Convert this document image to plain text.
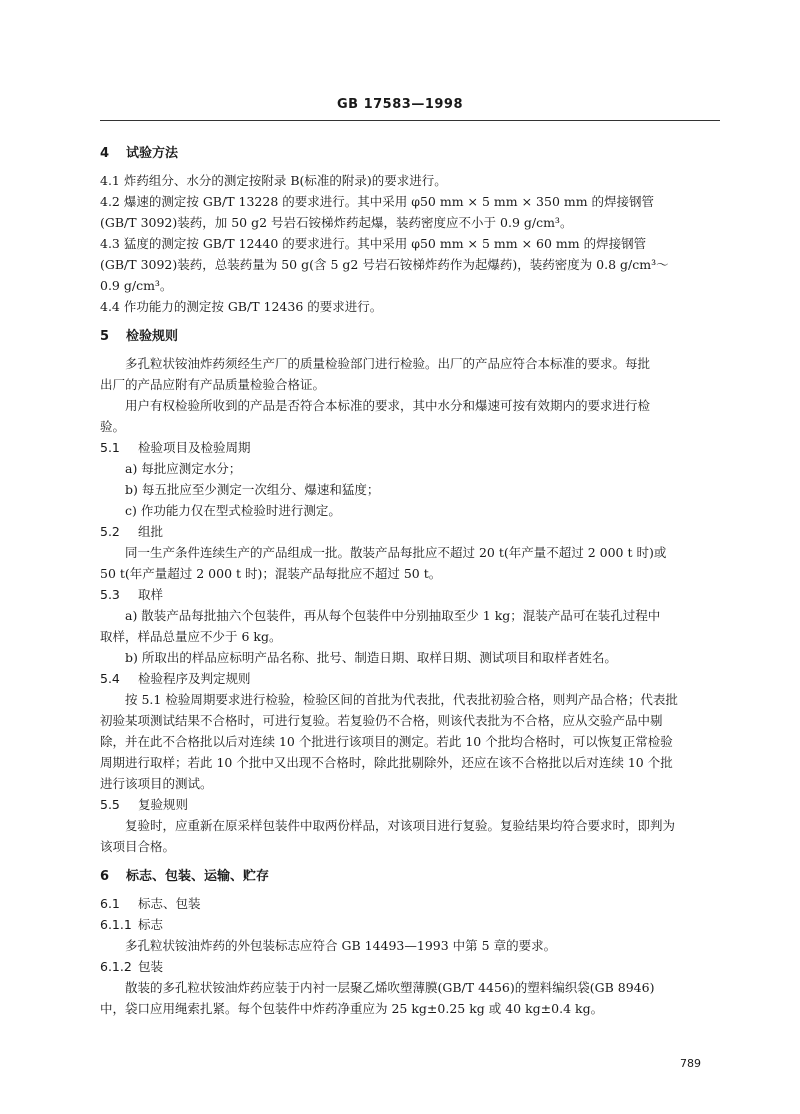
GB 17583—1998

4 试验方法

4.1 炸药组分、水分的测定按附录 B(标准的附录)的要求进行。

4.2 爆速的测定按 GB/T 13228 的要求进行。其中采用 φ50 mm × 5 mm × 350 mm 的焊接钢管

(GB/T 3092)装药，加 50 g2 号岩石铵梯炸药起爆，装药密度应不小于 0.9 g/cm³。

4.3 猛度的测定按 GB/T 12440 的要求进行。其中采用 φ50 mm × 5 mm × 60 mm 的焊接钢管

(GB/T 3092)装药，总装药量为 50 g(含 5 g2 号岩石铵梯炸药作为起爆药)，装药密度为 0.8 g/cm³～

0.9 g/cm³。

4.4 作功能力的测定按 GB/T 12436 的要求进行。

5 检验规则

多孔粒状铵油炸药须经生产厂的质量检验部门进行检验。出厂的产品应符合本标准的要求。每批

出厂的产品应附有产品质量检验合格证。

用户有权检验所收到的产品是否符合本标准的要求，其中水分和爆速可按有效期内的要求进行检

验。

5.1 检验项目及检验周期

a) 每批应测定水分；

b) 每五批应至少测定一次组分、爆速和猛度；

c) 作功能力仅在型式检验时进行测定。

5.2 组批

同一生产条件连续生产的产品组成一批。散装产品每批应不超过 20 t(年产量不超过 2 000 t 时)或

50 t(年产量超过 2 000 t 时)；混装产品每批应不超过 50 t。

5.3 取样

a) 散装产品每批抽六个包装件，再从每个包装件中分别抽取至少 1 kg；混装产品可在装孔过程中

取样，样品总量应不少于 6 kg。

b) 所取出的样品应标明产品名称、批号、制造日期、取样日期、测试项目和取样者姓名。

5.4 检验程序及判定规则

按 5.1 检验周期要求进行检验，检验区间的首批为代表批，代表批初验合格，则判产品合格；代表批

初验某项测试结果不合格时，可进行复验。若复验仍不合格，则该代表批为不合格，应从交验产品中剔

除，并在此不合格批以后对连续 10 个批进行该项目的测定。若此 10 个批均合格时，可以恢复正常检验

周期进行取样；若此 10 个批中又出现不合格时，除此批剔除外，还应在该不合格批以后对连续 10 个批

进行该项目的测试。

5.5 复验规则

复验时，应重新在原采样包装件中取两份样品，对该项目进行复验。复验结果均符合要求时，即判为

该项目合格。

6 标志、包装、运输、贮存

6.1 标志、包装

6.1.1 标志

多孔粒状铵油炸药的外包装标志应符合 GB 14493—1993 中第 5 章的要求。

6.1.2 包装

散装的多孔粒状铵油炸药应装于内衬一层聚乙烯吹塑薄膜(GB/T 4456)的塑料编织袋(GB 8946)

中，袋口应用绳索扎紧。每个包装件中炸药净重应为 25 kg±0.25 kg 或 40 kg±0.4 kg。

789
